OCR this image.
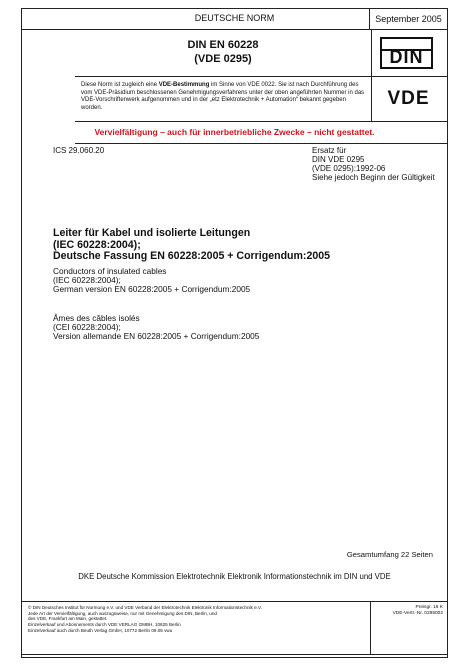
DEUTSCHE NORM	September 2005
DIN EN 60228
(VDE 0295)	DIN
Diese Norm ist zugleich eine VDE-Bestimmung im Sinne von VDE 0022. Sie ist nach Durchführung des vom VDE-Präsidium beschlossenen Genehmigungsverfahrens unter der oben angeführten Nummer in das VDE-Vorschriftenwerk aufgenommen und in der „etz Elektrotechnik + Automation“ bekannt gegeben worden.	VDE
Vervielfältigung – auch für innerbetriebliche Zwecke – nicht gestattet.
ICS 29.060.20	Ersatz für
DIN VDE 0295
(VDE 0295):1992-06
Siehe jedoch Beginn der Gültigkeit
Leiter für Kabel und isolierte Leitungen
(IEC 60228:2004);
Deutsche Fassung EN 60228:2005 + Corrigendum:2005
Conductors of insulated cables
(IEC 60228:2004);
German version EN 60228:2005 + Corrigendum:2005
Âmes des câbles isolés
(CEI 60228:2004);
Version allemande EN 60228:2005 + Corrigendum:2005
Gesamtumfang 22 Seiten
DKE Deutsche Kommission Elektrotechnik Elektronik Informationstechnik im DIN und VDE
© DIN Deutsches Institut für Normung e.V. und VDE Verband der Elektrotechnik Elektronik Informationstechnik e.V.
Jede Art der Vervielfältigung, auch auszugsweise, nur mit Genehmigung des DIN, Berlin, und
des VDE, Frankfurt am Main, gestattet.
Einzelverkauf und Abonnements durch VDE VERLAG GMBH, 10625 Berlin
Einzelverkauf auch durch Beuth Verlag GmbH, 10772 Berlin 09.05 vwu
Preisgr. 16 K
VDE-Vertr.-Nr. 0295002
